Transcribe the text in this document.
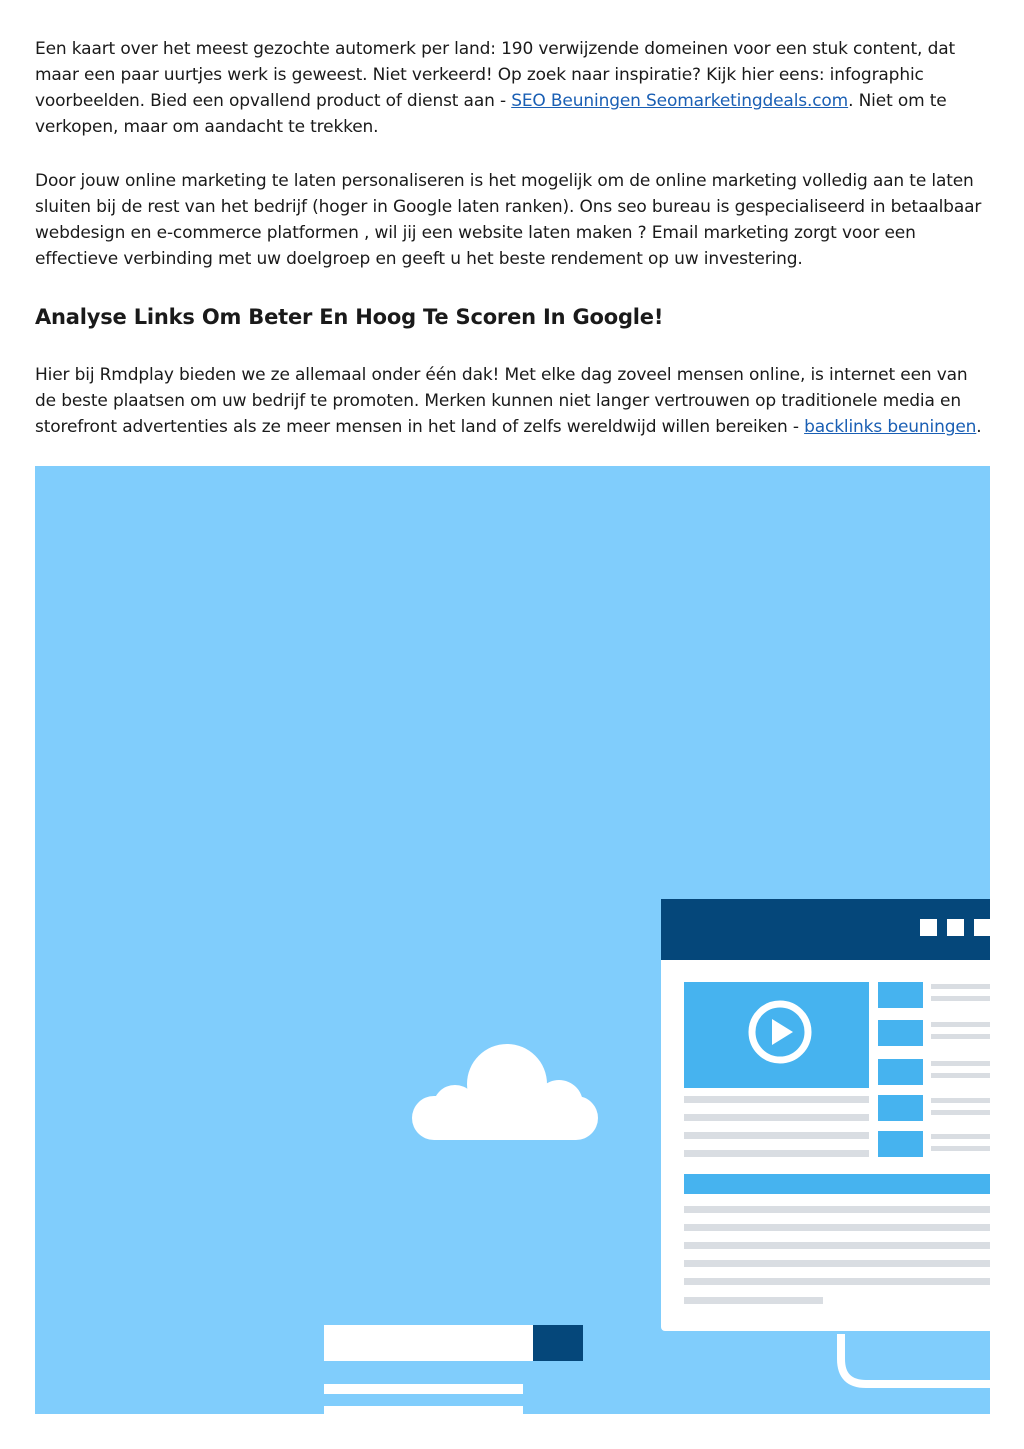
Een kaart over het meest gezochte automerk per land: 190 verwijzende domeinen voor een stuk content, dat maar een paar uurtjes werk is geweest. Niet verkeerd! Op zoek naar inspiratie? Kijk hier eens: infographic voorbeelden. Bied een opvallend product of dienst aan - SEO Beuningen Seomarketingdeals.com. Niet om te verkopen, maar om aandacht te trekken.

Door jouw online marketing te laten personaliseren is het mogelijk om de online marketing volledig aan te laten sluiten bij de rest van het bedrijf (hoger in Google laten ranken). Ons seo bureau is gespecialiseerd in betaalbaar webdesign en e-commerce platformen , wil jij een website laten maken ? Email marketing zorgt voor een effectieve verbinding met uw doelgroep en geeft u het beste rendement op uw investering.

Analyse Links Om Beter En Hoog Te Scoren In Google!

Hier bij Rmdplay bieden we ze allemaal onder één dak! Met elke dag zoveel mensen online, is internet een van de beste plaatsen om uw bedrijf te promoten. Merken kunnen niet langer vertrouwen op traditionele media en storefront advertenties als ze meer mensen in het land of zelfs wereldwijd willen bereiken - backlinks beuningen.
